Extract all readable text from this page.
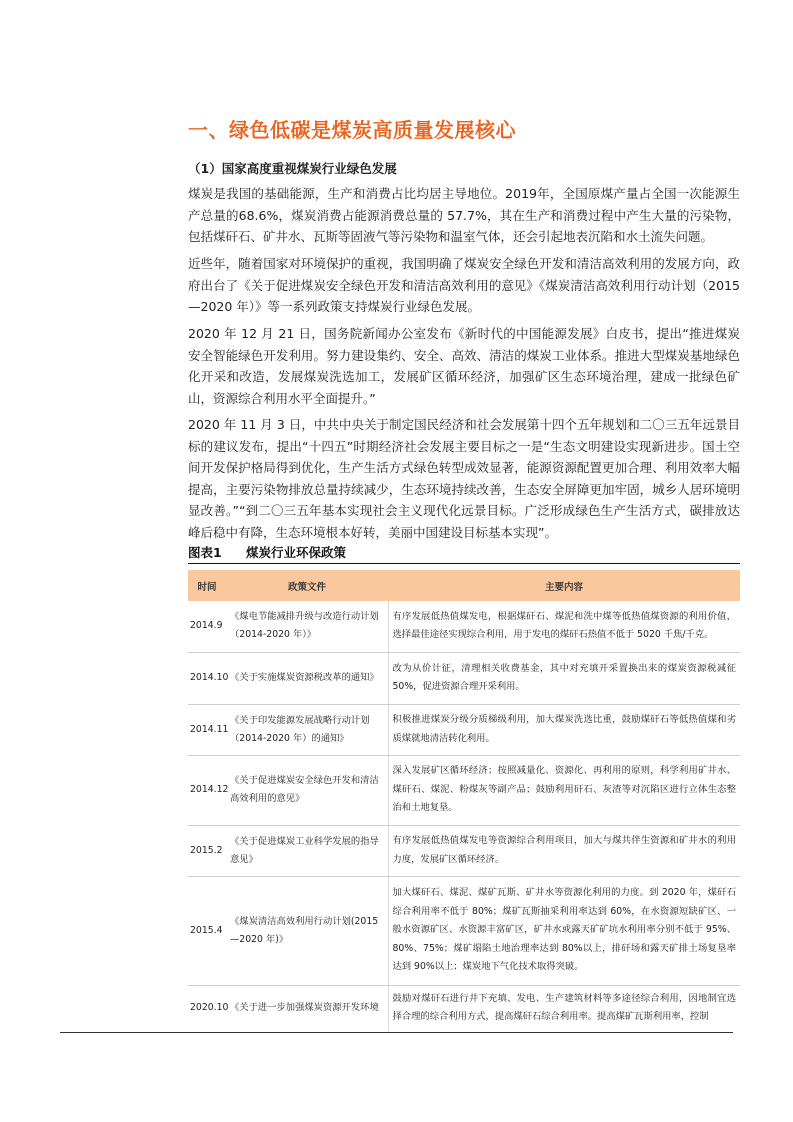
一、绿色低碳是煤炭高质量发展核心
（1）国家高度重视煤炭行业绿色发展

煤炭是我国的基础能源，生产和消费占比均居主导地位。2019年，全国原煤产量占全国一次能源生产总量的68.6%，煤炭消费占能源消费总量的 57.7%，其在生产和消费过程中产生大量的污染物，包括煤矸石、矿井水、瓦斯等固液气等污染物和温室气体，还会引起地表沉陷和水土流失问题。

近些年，随着国家对环境保护的重视，我国明确了煤炭安全绿色开发和清洁高效利用的发展方向，政府出台了《关于促进煤炭安全绿色开发和清洁高效利用的意见》《煤炭清洁高效利用行动计划（2015—2020 年）》等一系列政策支持煤炭行业绿色发展。

2020 年 12 月 21 日，国务院新闻办公室发布《新时代的中国能源发展》白皮书，提出“推进煤炭安全智能绿色开发利用。努力建设集约、安全、高效、清洁的煤炭工业体系。推进大型煤炭基地绿色化开采和改造，发展煤炭洗选加工，发展矿区循环经济，加强矿区生态环境治理，建成一批绿色矿山，资源综合利用水平全面提升。”

2020 年 11 月 3 日，中共中央关于制定国民经济和社会发展第十四个五年规划和二〇三五年远景目标的建议发布，提出“十四五”时期经济社会发展主要目标之一是“生态文明建设实现新进步。国土空间开发保护格局得到优化，生产生活方式绿色转型成效显著，能源资源配置更加合理、利用效率大幅提高，主要污染物排放总量持续减少，生态环境持续改善，生态安全屏障更加牢固，城乡人居环境明显改善。”“到二〇三五年基本实现社会主义现代化远景目标。广泛形成绿色生产生活方式，碳排放达峰后稳中有降，生态环境根本好转，美丽中国建设目标基本实现”。

图表1 煤炭行业环保政策
时间	政策文件	主要内容
2014.9	《煤电节能减排升级与改造行动计划（2014-2020 年）》	有序发展低热值煤发电，根据煤矸石、煤泥和洗中煤等低热值煤资源的利用价值，选择最佳途径实现综合利用，用于发电的煤矸石热值不低于 5020 千焦/千克。
2014.10	《关于实施煤炭资源税改革的通知》	改为从价计征，清理相关收费基金，其中对充填开采置换出来的煤炭资源税减征 50%，促进资源合理开采利用。
2014.11	《关于印发能源发展战略行动计划（2014-2020 年）的通知》	积极推进煤炭分级分质梯级利用，加大煤炭洗选比重，鼓励煤矸石等低热值煤和劣质煤就地清洁转化利用。
2014.12	《关于促进煤炭安全绿色开发和清洁高效利用的意见》	深入发展矿区循环经济；按照减量化、资源化、再利用的原则，科学利用矿井水、煤矸石、煤泥、粉煤灰等副产品；鼓励利用矸石、灰渣等对沉陷区进行立体生态整治和土地复垦。
2015.2	《关于促进煤炭工业科学发展的指导意见》	有序发展低热值煤发电等资源综合利用项目，加大与煤共伴生资源和矿井水的利用力度，发展矿区循环经济。
2015.4	《煤炭清洁高效利用行动计划(2015—2020 年)》	加大煤矸石、煤泥、煤矿瓦斯、矿井水等资源化利用的力度。到 2020 年，煤矸石综合利用率不低于 80%；煤矿瓦斯抽采利用率达到 60%，在水资源短缺矿区、一般水资源矿区、水资源丰富矿区，矿井水或露天矿矿坑水利用率分别不低于 95%、80%、75%；煤矿塌陷土地治理率达到 80%以上，排矸场和露天矿排土场复垦率达到 90%以上；煤炭地下气化技术取得突破。
2020.10	《关于进一步加强煤炭资源开发环境	鼓励对煤矸石进行井下充填、发电、生产建筑材料等多途径综合利用，因地制宜选择合理的综合利用方式，提高煤矸石综合利用率。提高煤矿瓦斯利用率，控制
